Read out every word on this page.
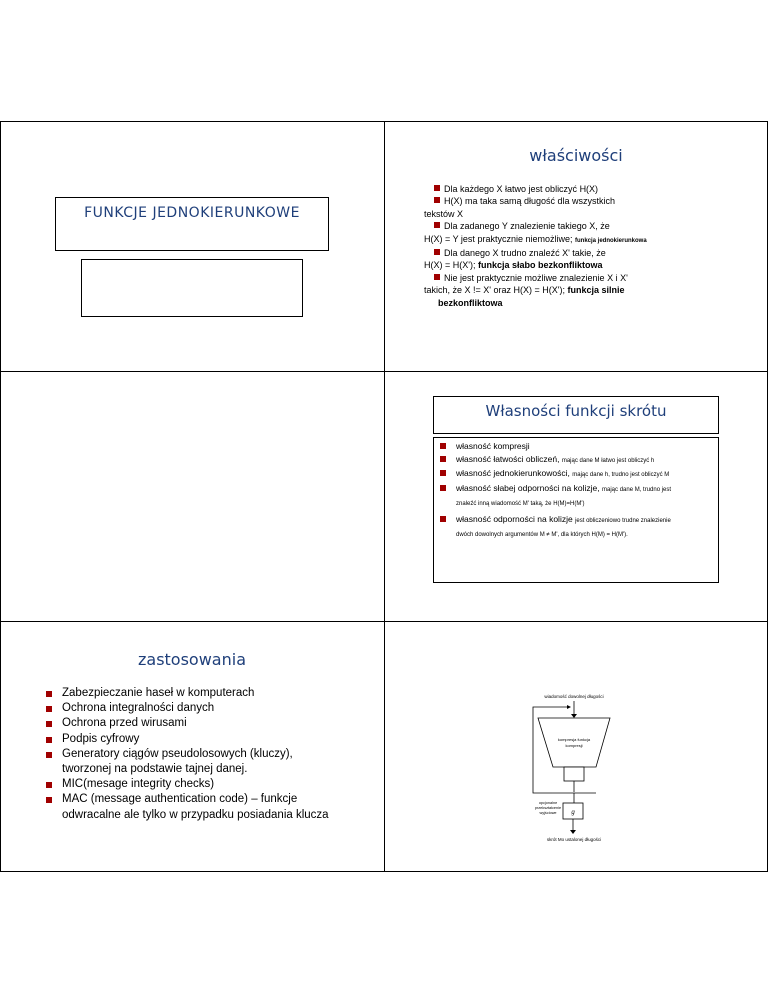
FUNKCJE JEDNOKIERUNKOWE
właściwości
Dla każdego X łatwo jest obliczyć H(X)
H(X) ma taka samą długość dla wszystkich
tekstów X
Dla zadanego Y znalezienie takiego X, że
H(X) = Y jest praktycznie niemożliwe; funkcja jednokierunkowa
Dla danego X trudno znaleźć X' takie, że
H(X) = H(X'); funkcja słabo bezkonfliktowa
Nie jest praktycznie możliwe znalezienie X i X'
takich, że X != X' oraz H(X) = H(X'); funkcja silnie
bezkonfliktowa
Własności funkcji skrótu
własność kompresji
własność łatwości obliczeń, mając dane M łatwo jest obliczyć h
własność jednokierunkowości, mając dane h, trudno jest obliczyć M
własność słabej odporności na kolizje, mając dane M, trudno jest
znaleźć inną wiadomość M' taką, że H(M)=H(M')
własność odporności na kolizje jest obliczeniowo trudne znalezienie
dwóch dowolnych argumentów M ≠ M', dla których H(M) = H(M').
zastosowania
Zabezpieczanie haseł w komputerach
Ochrona integralności danych
Ochrona przed wirusami
Podpis cyfrowy
Generatory ciągów pseudolosowych (kluczy),
tworzonej na podstawie tajnej danej.
MIC(mesage integrity checks)
MAC (message authentication code) – funkcje
odwracalne ale tylko w przypadku posiadania klucza
wiadomość dowolnej długości
kompresja funkcja
kompresji
g
opcjonalne
przekształcenie
wyjściowe
skrót Mo ustalonej długości
